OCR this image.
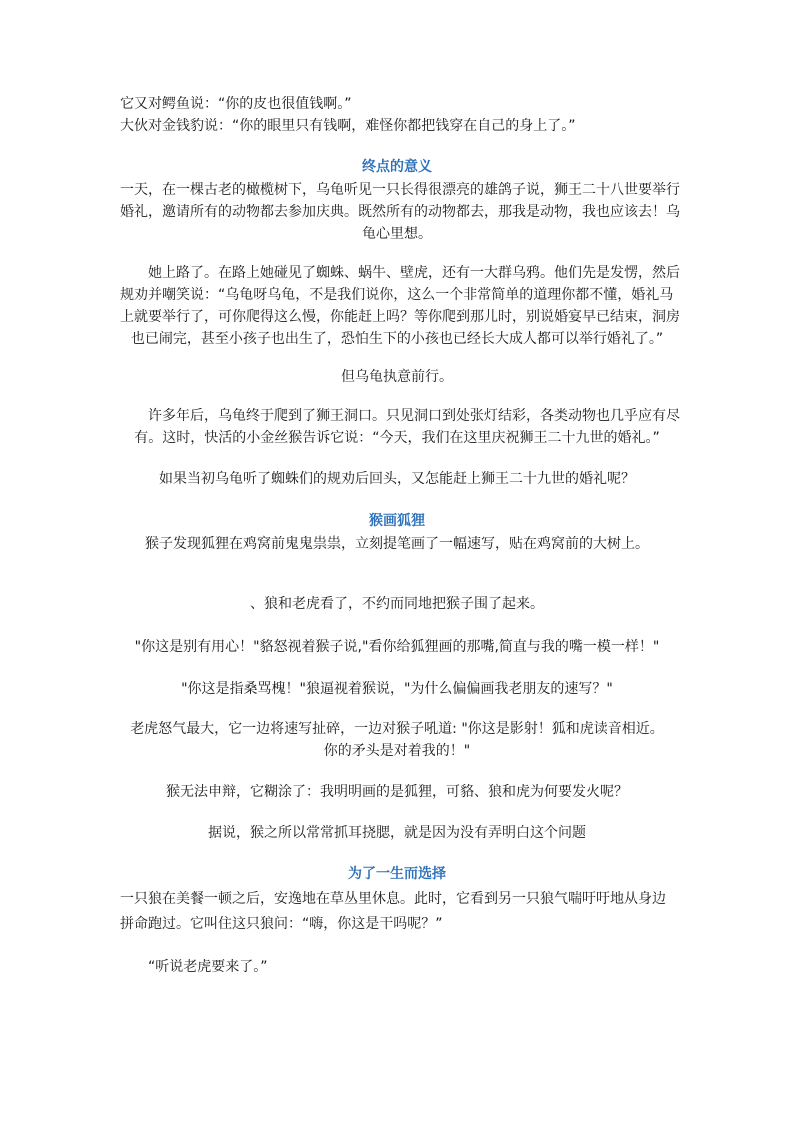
它又对鳄鱼说：“你的皮也很值钱啊。”
大伙对金钱豹说：“你的眼里只有钱啊，难怪你都把钱穿在自己的身上了。”
终点的意义
一天，在一棵古老的橄榄树下，乌龟听见一只长得很漂亮的雄鸽子说，狮王二十八世要举行
婚礼，邀请所有的动物都去参加庆典。既然所有的动物都去，那我是动物，我也应该去！乌
龟心里想。
她上路了。在路上她碰见了蜘蛛、蜗牛、壁虎，还有一大群乌鸦。他们先是发愣，然后
规劝并嘲笑说：“乌龟呀乌龟，不是我们说你，这么一个非常简单的道理你都不懂，婚礼马
上就要举行了，可你爬得这么慢，你能赶上吗？等你爬到那儿时，别说婚宴早已结束，洞房
也已闹完，甚至小孩子也出生了，恐怕生下的小孩也已经长大成人都可以举行婚礼了。”
但乌龟执意前行。
许多年后，乌龟终于爬到了狮王洞口。只见洞口到处张灯结彩，各类动物也几乎应有尽
有。这时，快活的小金丝猴告诉它说：“今天，我们在这里庆祝狮王二十九世的婚礼。”
如果当初乌龟听了蜘蛛们的规劝后回头，又怎能赶上狮王二十九世的婚礼呢？
猴画狐狸
猴子发现狐狸在鸡窝前鬼鬼祟祟，立刻提笔画了一幅速写，贴在鸡窝前的大树上。
、狼和老虎看了，不约而同地把猴子围了起来。
"你这是别有用心！"貉怒视着猴子说,"看你给狐狸画的那嘴,简直与我的嘴一模一样！"
"你这是指桑骂槐！"狼逼视着猴说，"为什么偏偏画我老朋友的速写？"
老虎怒气最大，它一边将速写扯碎，一边对猴子吼道: "你这是影射！狐和虎读音相近。
你的矛头是对着我的！"
猴无法申辩，它糊涂了：我明明画的是狐狸，可貉、狼和虎为何要发火呢？
据说，猴之所以常常抓耳挠腮，就是因为没有弄明白这个问题
为了一生而选择
一只狼在美餐一顿之后，安逸地在草丛里休息。此时，它看到另一只狼气喘吁吁地从身边
拼命跑过。它叫住这只狼问：“嗨，你这是干吗呢？”
“听说老虎要来了。”
